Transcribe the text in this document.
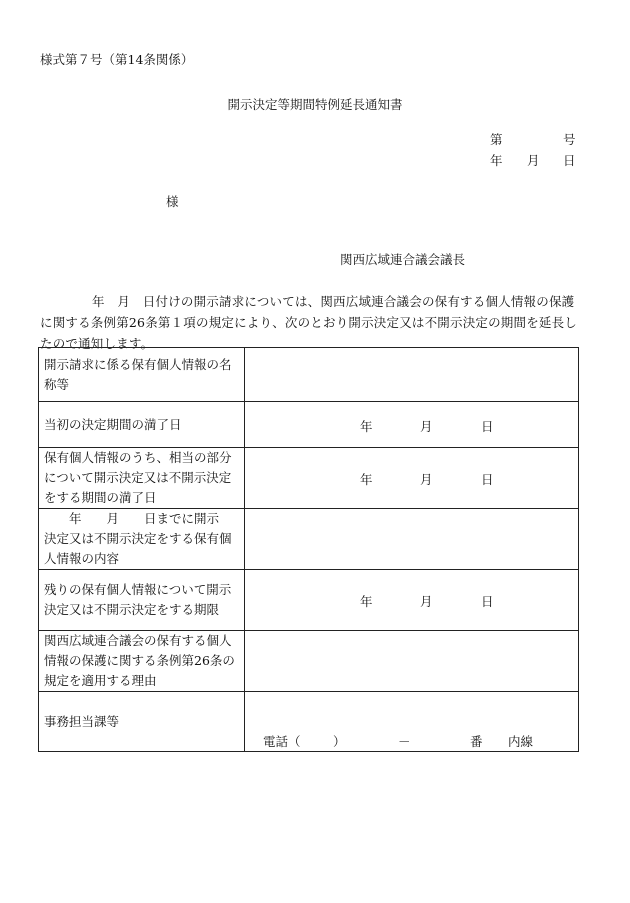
様式第７号（第14条関係）
開示決定等期間特例延長通知書
第	号
年 月 日
様
関西広域連合議会議長
年　月　日付けの開示請求については、関西広域連合議会の保有する個人情報の保護に関する条例第26条第１項の規定により、次のとおり開示決定又は不開示決定の期間を延長したので通知します。
開示請求に係る保有個人情報の名称等	
当初の決定期間の満了日	年 月 日

保有個人情報のうち、相当の部分について開示決定又は不開示決定をする期間の満了日	年 月 日

年　　月　　日までに開示
決定又は不開示決定をする保有個人情報の内容	
残りの保有個人情報について開示決定又は不開示決定をする期限	年 月 日

関西広域連合議会の保有する個人情報の保護に関する条例第26条の規定を適用する理由	
事務担当課等	電話（ ） － 番 内線
